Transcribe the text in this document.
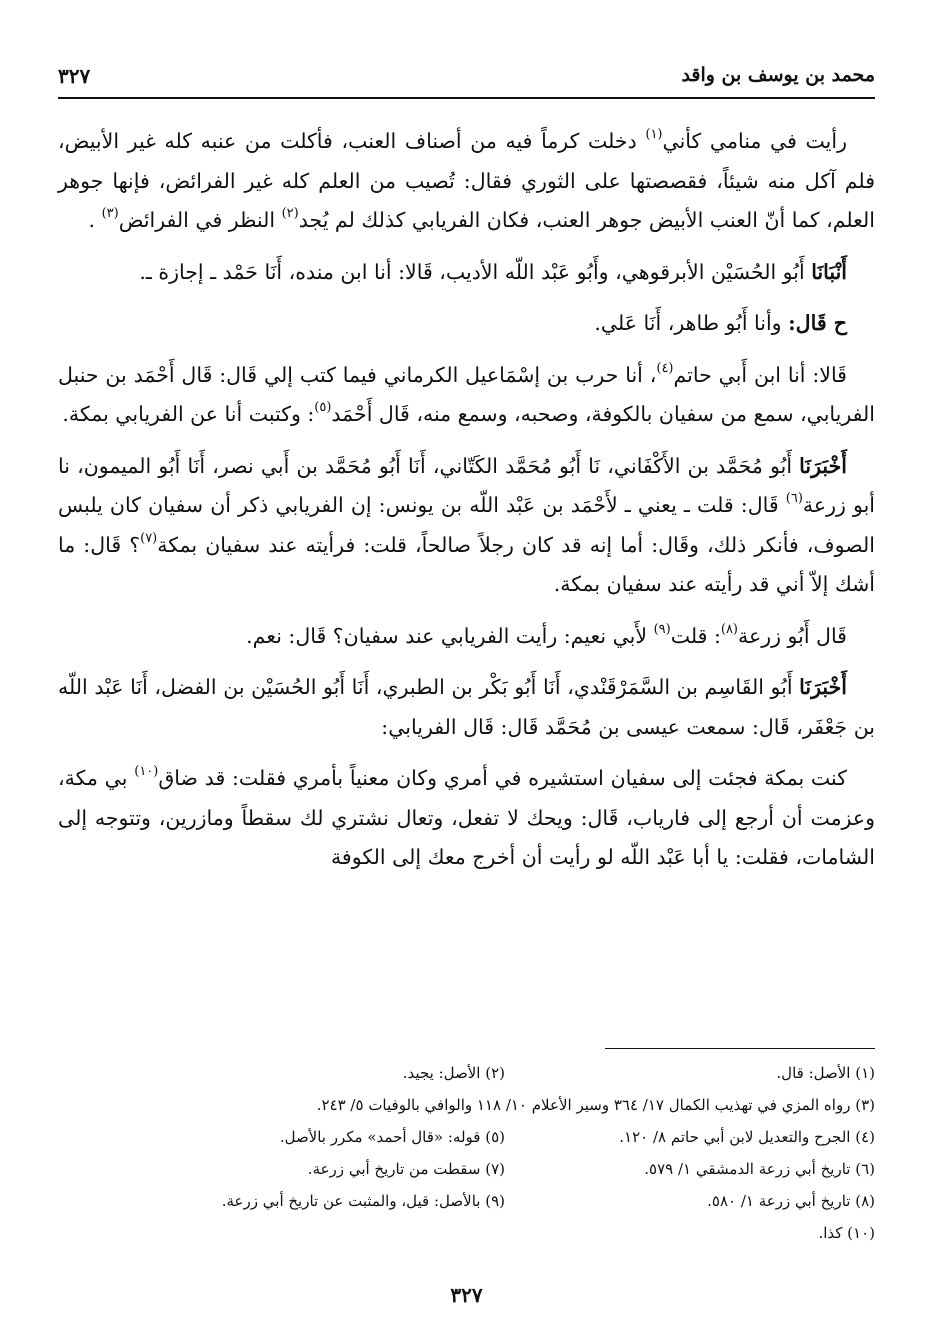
محمد بن يوسف بن واقد
٣٢٧

رأيت في منامي كأني$^{(١)}$ دخلت كرماً فيه من أصناف العنب، فأكلت من عنبه كله غير الأبيض، فلم آكل منه شيئاً، فقصصتها على الثوري فقال: تُصيب من العلم كله غير الفرائض، فإنها جوهر العلم، كما أنّ العنب الأبيض جوهر العنب، فكان الفريابي كذلك لم يُجد$^{(٢)}$ النظر في الفرائض$^{(٣)}$ .

أَنْبَانَا أَبُو الحُسَيْن الأبرقوهي، وأَبُو عَبْد اللّه الأديب، قَالا: أنا ابن منده، أَنَا حَمْد ـ إجازة ـ.

ح قَال: وأنا أَبُو طاهر، أَنَا عَلي.

قَالا: أنا ابن أَبي حاتم$^{(٤)}$، أنا حرب بن إسْمَاعيل الكرماني فيما كتب إلي قَال: قَال أَحْمَد بن حنبل الفريابي، سمع من سفيان بالكوفة، وصحبه، وسمع منه، قَال أَحْمَد$^{(٥)}$: وكتبت أنا عن الفريابي بمكة.

أَخْبَرَنَا أَبُو مُحَمَّد بن الأَكْفَاني، نَا أَبُو مُحَمَّد الكَتّاني، أَنَا أَبُو مُحَمَّد بن أَبي نصر، أَنَا أَبُو الميمون، نا أبو زرعة$^{(٦)}$ قَال: قلت ـ يعني ـ لأَحْمَد بن عَبْد اللّه بن يونس: إن الفريابي ذكر أن سفيان كان يلبس الصوف، فأنكر ذلك، وقَال: أما إنه قد كان رجلاً صالحاً، قلت: فرأيته عند سفيان بمكة$^{(٧)}$؟ قَال: ما أشك إلاّ أني قد رأيته عند سفيان بمكة.

قَال أَبُو زرعة$^{(٨)}$: قلت$^{(٩)}$ لأَبي نعيم: رأيت الفريابي عند سفيان؟ قَال: نعم.

أَخْبَرَنَا أَبُو القَاسِم بن السَّمَرْقَنْدي، أَنَا أَبُو بَكْر بن الطبري، أَنَا أَبُو الحُسَيْن بن الفضل، أَنَا عَبْد اللّه بن جَعْفَر، قَال: سمعت عيسى بن مُحَمَّد قَال: قَال الفريابي:

كنت بمكة فجئت إلى سفيان استشيره في أمري وكان معنياً بأمري فقلت: قد ضاق$^{(١٠)}$ بي مكة، وعزمت أن أرجع إلى فارياب، قَال: ويحك لا تفعل، وتعال نشتري لك سقطاً ومازرين، وتتوجه إلى الشامات، فقلت: يا أبا عَبْد اللّه لو رأيت أن أخرج معك إلى الكوفة

(١) الأصل: قال.
(٢) الأصل: يجيد.
(٣) رواه المزي في تهذيب الكمال ١٧/ ٣٦٤ وسير الأعلام ١٠/ ١١٨ والوافي بالوفيات ٥/ ٢٤٣.
(٤) الجرح والتعديل لابن أبي حاتم ٨/ ١٢٠.
(٥) قوله: «قال أحمد» مكرر بالأصل.
(٦) تاريخ أبي زرعة الدمشقي ١/ ٥٧٩.
(٧) سقطت من تاريخ أبي زرعة.
(٨) تاريخ أبي زرعة ١/ ٥٨٠.
(٩) بالأصل: قيل، والمثبت عن تاريخ أبي زرعة.
(١٠) كذا.
٣٢٧
